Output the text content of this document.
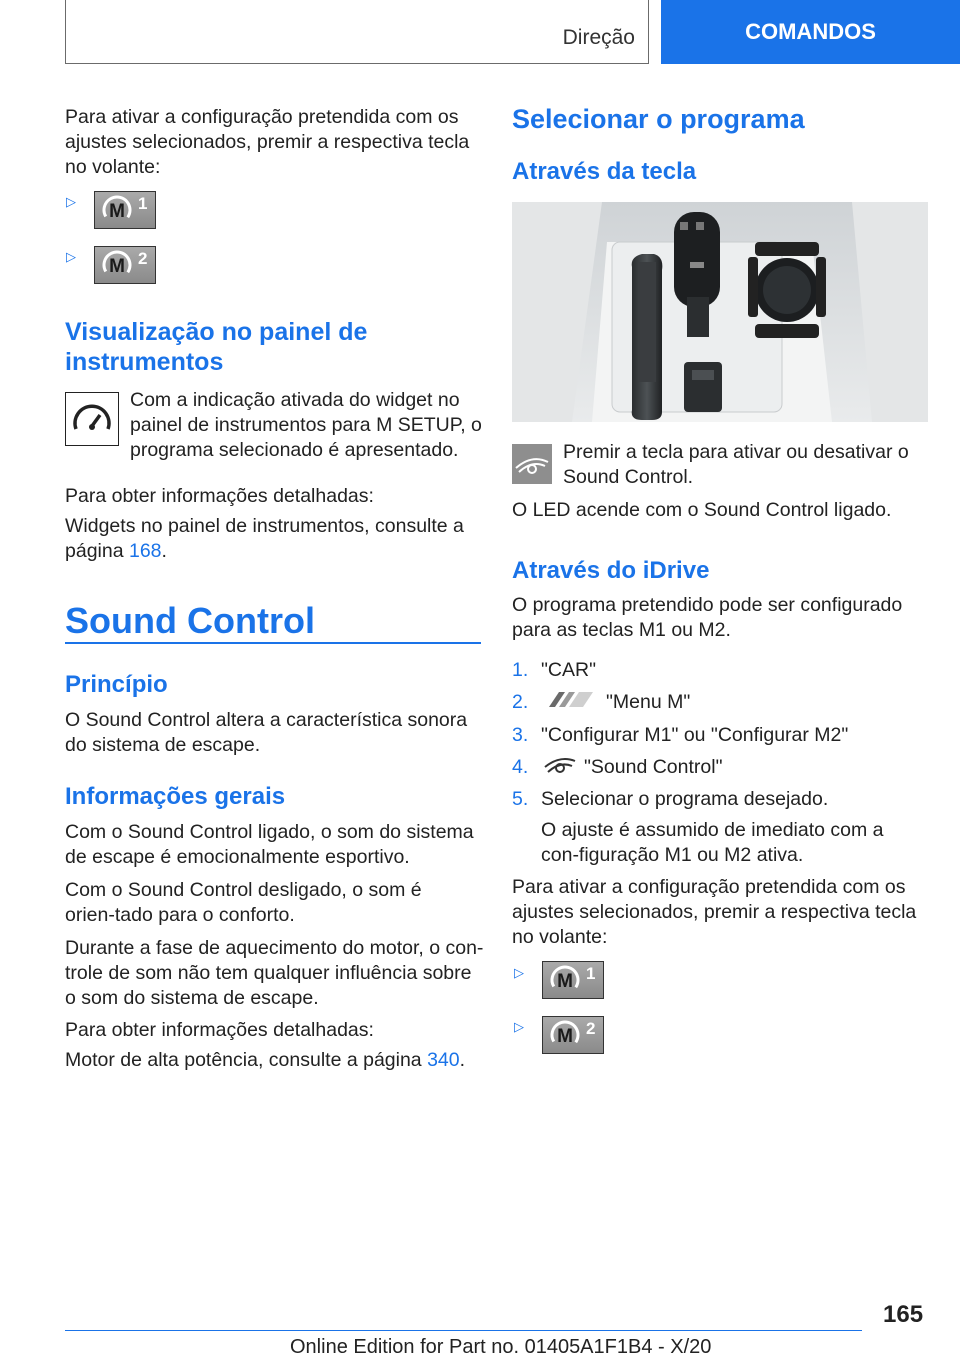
Direção	COMANDOS

Para ativar a configuração pretendida com os ajustes selecionados, premir a respectiva tecla no volante:

▷ M 1
▷ M 2
Visualização no painel de instrumentos

Com a indicação ativada do widget no painel de instrumentos para M SETUP, o programa selecionado é apresentado.

Para obter informações detalhadas:

Widgets no painel de instrumentos, consulte a página 168.

Sound Control
Princípio

O Sound Control altera a característica sonora do sistema de escape.

Informações gerais

Com o Sound Control ligado, o som do sistema de escape é emocionalmente esportivo.

Com o Sound Control desligado, o som é orien-tado para o conforto.

Durante a fase de aquecimento do motor, o con-trole de som não tem qualquer influência sobre o som do sistema de escape.

Para obter informações detalhadas:

Motor de alta potência, consulte a página 340.

Selecionar o programa
Através da tecla

Premir a tecla para ativar ou desativar o Sound Control.

O LED acende com o Sound Control ligado.

Através do iDrive

O programa pretendido pode ser configurado para as teclas M1 ou M2.

1. "CAR"
2.	"Menu M"
3. "Configurar M1" ou "Configurar M2"
4.	"Sound Control"
5. Selecionar o programa desejado.

O ajuste é assumido de imediato com a con-figuração M1 ou M2 ativa.

Para ativar a configuração pretendida com os ajustes selecionados, premir a respectiva tecla no volante:

▷ M 1
▷ M 2
165
Online Edition for Part no. 01405A1F1B4 - X/20
